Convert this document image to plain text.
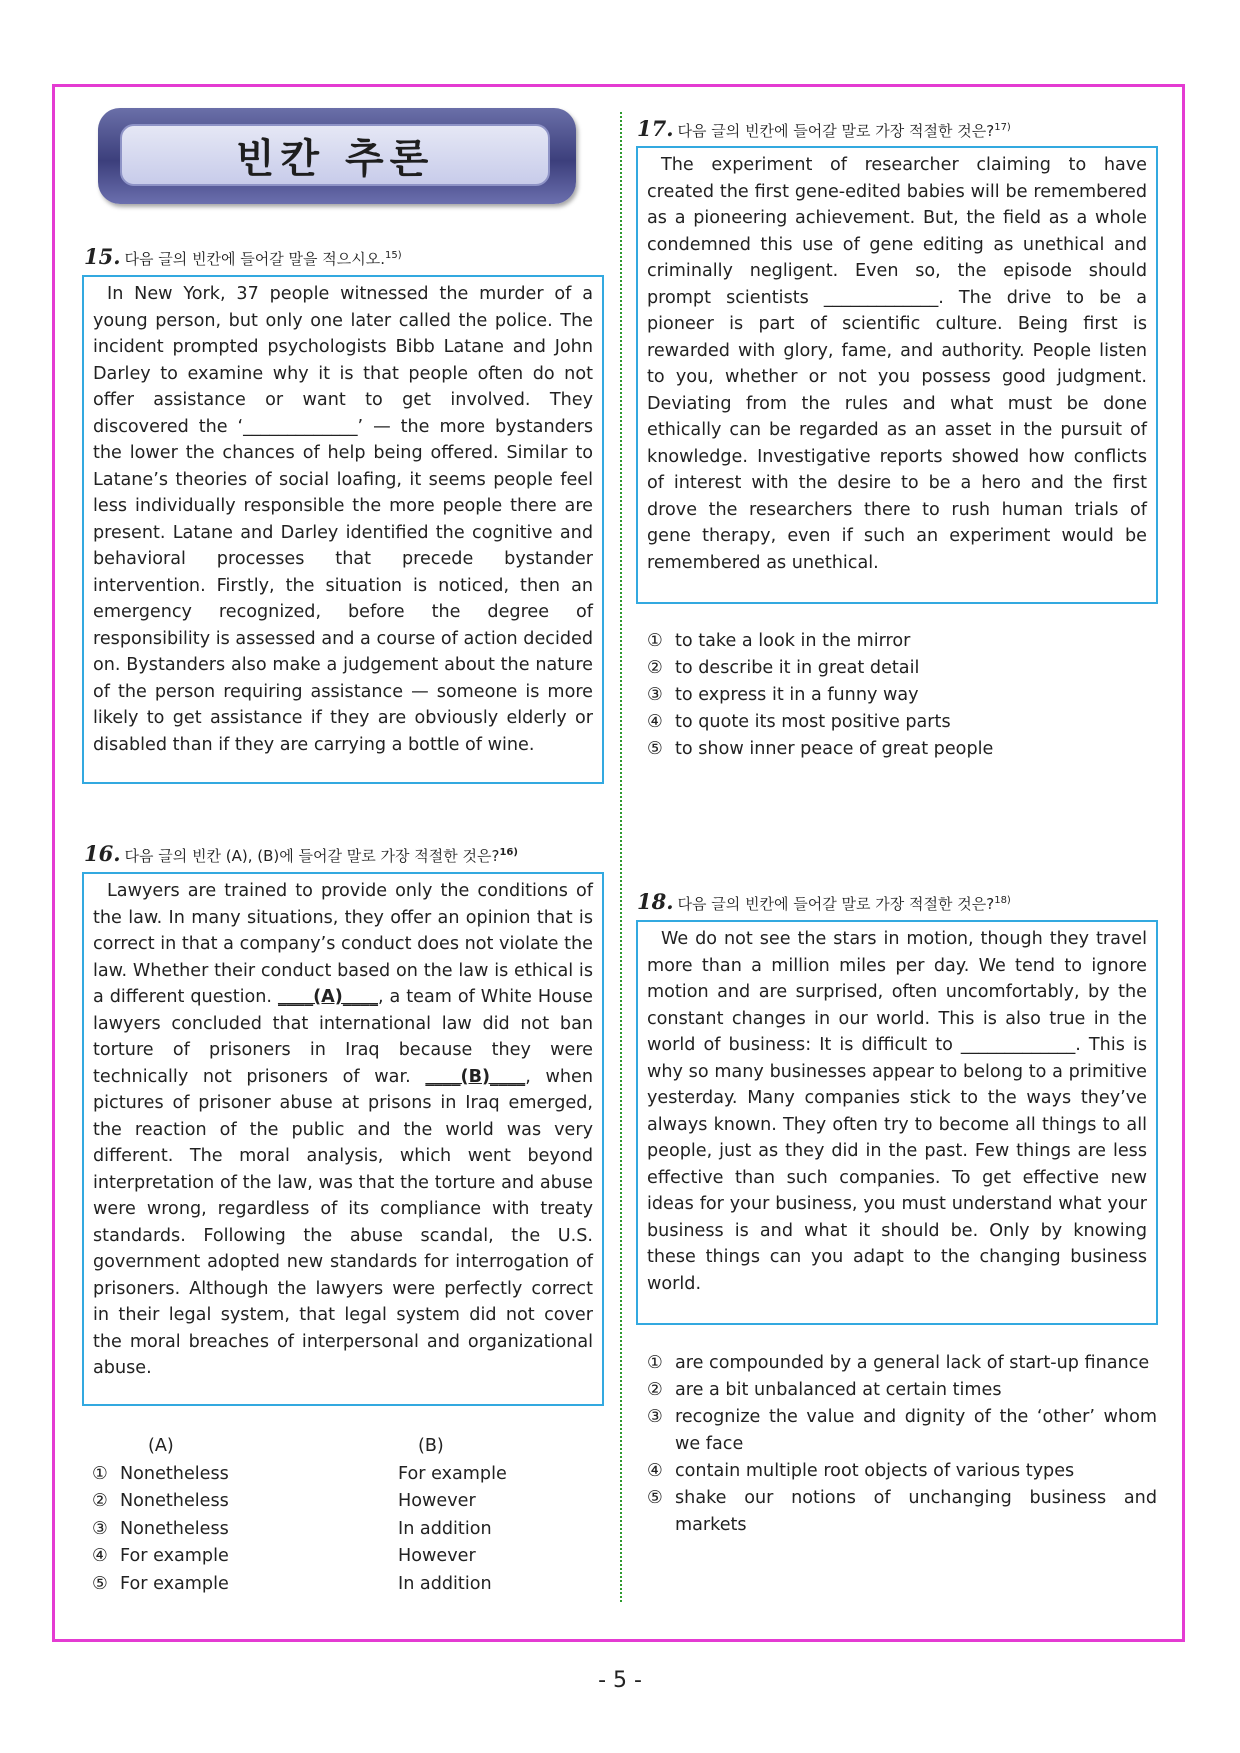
빈칸 추론
15. 다음 글의 빈칸에 들어갈 말을 적으시오.$^{15)}$

In New York, 37 people witnessed the murder of a young person, but only one later called the police. The incident prompted psychologists Bibb Latane and John Darley to examine why it is that people often do not offer assistance or want to get involved. They discovered the ‘_____________’ — the more bystanders the lower the chances of help being offered. Similar to Latane’s theories of social loafing, it seems people feel less individually responsible the more people there are present. Latane and Darley identified the cognitive and behavioral processes that precede bystander intervention. Firstly, the situation is noticed, then an emergency recognized, before the degree of responsibility is assessed and a course of action decided on. Bystanders also make a judgement about the nature of the person requiring assistance — someone is more likely to get assistance if they are obviously elderly or disabled than if they are carrying a bottle of wine.

16. 다음 글의 빈칸 (A), (B)에 들어갈 말로 가장 적절한 것은?$^{16)}$

Lawyers are trained to provide only the conditions of the law. In many situations, they offer an opinion that is correct in that a company’s conduct does not violate the law. Whether their conduct based on the law is ethical is a different question. ____(A)____, a team of White House lawyers concluded that international law did not ban torture of prisoners in Iraq because they were technically not prisoners of war. ____(B)____, when pictures of prisoner abuse at prisons in Iraq emerged, the reaction of the public and the world was very different. The moral analysis, which went beyond interpretation of the law, was that the torture and abuse were wrong, regardless of its compliance with treaty standards. Following the abuse scandal, the U.S. government adopted new standards for interrogation of prisoners. Although the lawyers were perfectly correct in their legal system, that legal system did not cover the moral breaches of interpersonal and organizational abuse.

(A)	(B)
① Nonetheless	For example
② Nonetheless	However
③ Nonetheless	In addition
④ For example	However
⑤ For example	In addition
17. 다음 글의 빈칸에 들어갈 말로 가장 적절한 것은?$^{17)}$

The experiment of researcher claiming to have created the first gene-edited babies will be remembered as a pioneering achievement. But, the field as a whole condemned this use of gene editing as unethical and criminally negligent. Even so, the episode should prompt scientists _____________. The drive to be a pioneer is part of scientific culture. Being first is rewarded with glory, fame, and authority. People listen to you, whether or not you possess good judgment. Deviating from the rules and what must be done ethically can be regarded as an asset in the pursuit of knowledge. Investigative reports showed how conflicts of interest with the desire to be a hero and the first drove the researchers there to rush human trials of gene therapy, even if such an experiment would be remembered as unethical.

① to take a look in the mirror
② to describe it in great detail
③ to express it in a funny way
④ to quote its most positive parts
⑤ to show inner peace of great people
18. 다음 글의 빈칸에 들어갈 말로 가장 적절한 것은?$^{18)}$

We do not see the stars in motion, though they travel more than a million miles per day. We tend to ignore motion and are surprised, often uncomfortably, by the constant changes in our world. This is also true in the world of business: It is difficult to _____________. This is why so many businesses appear to belong to a primitive yesterday. Many companies stick to the ways they’ve always known. They often try to become all things to all people, just as they did in the past. Few things are less effective than such companies. To get effective new ideas for your business, you must understand what your business is and what it should be. Only by knowing these things can you adapt to the changing business world.

① are compounded by a general lack of start-up finance
② are a bit unbalanced at certain times
③ recognize the value and dignity of the ‘other’ whom we face
④ contain multiple root objects of various types
⑤ shake our notions of unchanging business and markets
- 5 -
